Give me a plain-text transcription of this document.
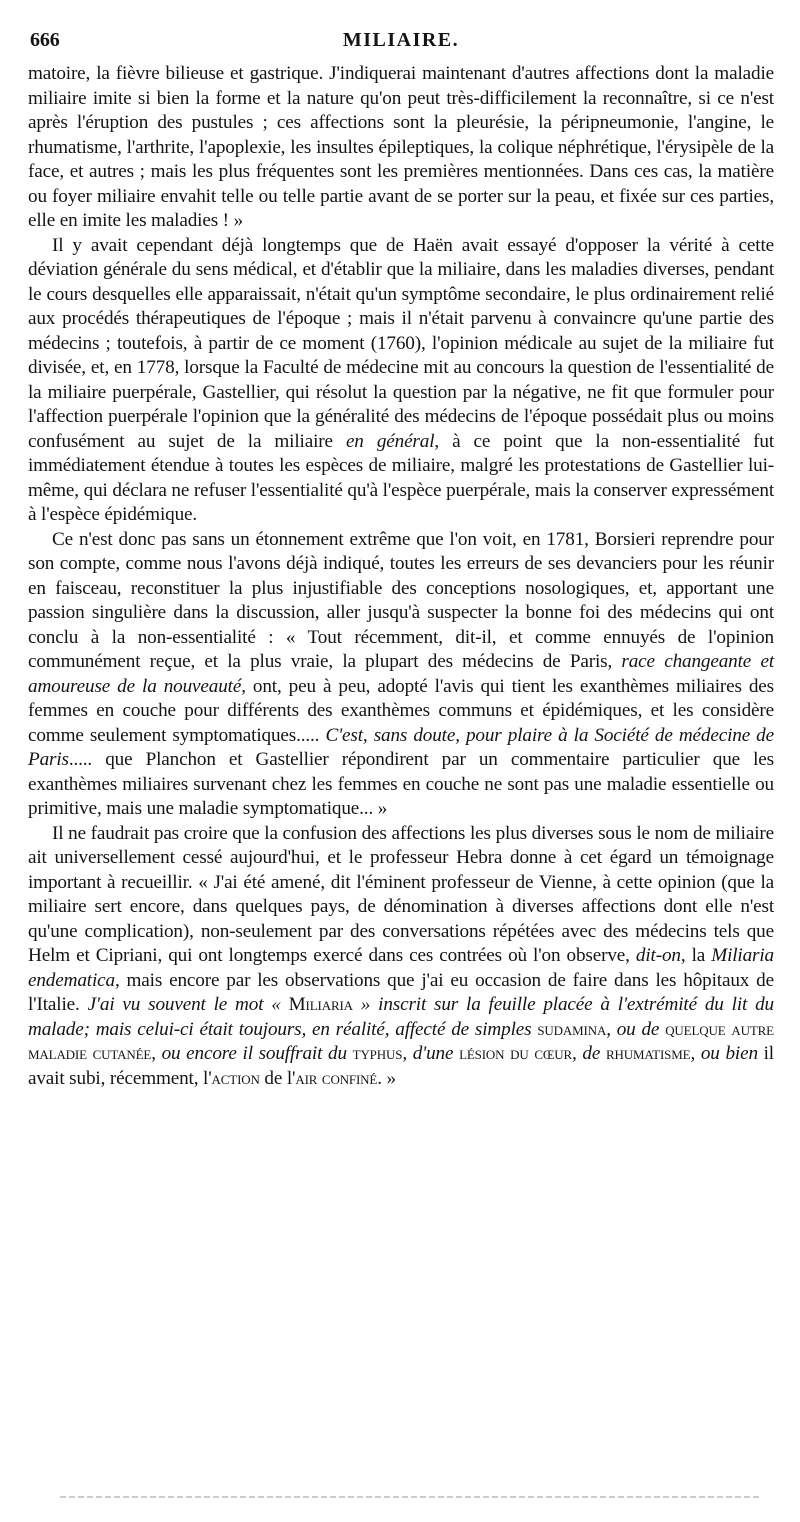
666	MILIAIRE.

matoire, la fièvre bilieuse et gastrique. J'indiquerai maintenant d'autres affections dont la maladie miliaire imite si bien la forme et la nature qu'on peut très-difficilement la reconnaître, si ce n'est après l'éruption des pustules ; ces affections sont la pleurésie, la péripneumonie, l'angine, le rhumatisme, l'arthrite, l'apoplexie, les insultes épileptiques, la colique néphrétique, l'érysipèle de la face, et autres ; mais les plus fréquentes sont les premières mentionnées. Dans ces cas, la matière ou foyer miliaire envahit telle ou telle partie avant de se porter sur la peau, et fixée sur ces parties, elle en imite les maladies ! »

Il y avait cependant déjà longtemps que de Haën avait essayé d'opposer la vérité à cette déviation générale du sens médical, et d'établir que la miliaire, dans les maladies diverses, pendant le cours desquelles elle apparaissait, n'était qu'un symptôme secondaire, le plus ordinairement relié aux procédés thérapeutiques de l'époque ; mais il n'était parvenu à convaincre qu'une partie des médecins ; toutefois, à partir de ce moment (1760), l'opinion médicale au sujet de la miliaire fut divisée, et, en 1778, lorsque la Faculté de médecine mit au concours la question de l'essentialité de la miliaire puerpérale, Gastellier, qui résolut la question par la négative, ne fit que formuler pour l'affection puerpérale l'opinion que la généralité des médecins de l'époque possédait plus ou moins confusément au sujet de la miliaire en général, à ce point que la non-essentialité fut immédiatement étendue à toutes les espèces de miliaire, malgré les protestations de Gastellier lui-même, qui déclara ne refuser l'essentialité qu'à l'espèce puerpérale, mais la conserver expressément à l'espèce épidémique.

Ce n'est donc pas sans un étonnement extrême que l'on voit, en 1781, Borsieri reprendre pour son compte, comme nous l'avons déjà indiqué, toutes les erreurs de ses devanciers pour les réunir en faisceau, reconstituer la plus injustifiable des conceptions nosologiques, et, apportant une passion singulière dans la discussion, aller jusqu'à suspecter la bonne foi des médecins qui ont conclu à la non-essentialité : « Tout récemment, dit-il, et comme ennuyés de l'opinion communément reçue, et la plus vraie, la plupart des médecins de Paris, race changeante et amoureuse de la nouveauté, ont, peu à peu, adopté l'avis qui tient les exanthèmes miliaires des femmes en couche pour différents des exanthèmes communs et épidémiques, et les considère comme seulement symptomatiques..... C'est, sans doute, pour plaire à la Société de médecine de Paris..... que Planchon et Gastellier répondirent par un commentaire particulier que les exanthèmes miliaires survenant chez les femmes en couche ne sont pas une maladie essentielle ou primitive, mais une maladie symptomatique... »

Il ne faudrait pas croire que la confusion des affections les plus diverses sous le nom de miliaire ait universellement cessé aujourd'hui, et le professeur Hebra donne à cet égard un témoignage important à recueillir. « J'ai été amené, dit l'éminent professeur de Vienne, à cette opinion (que la miliaire sert encore, dans quelques pays, de dénomination à diverses affections dont elle n'est qu'une complication), non-seulement par des conversations répétées avec des médecins tels que Helm et Cipriani, qui ont longtemps exercé dans ces contrées où l'on observe, dit-on, la Miliaria endematica, mais encore par les observations que j'ai eu occasion de faire dans les hôpitaux de l'Italie. J'ai vu souvent le mot « Miliaria » inscrit sur la feuille placée à l'extrémité du lit du malade; mais celui-ci était toujours, en réalité, affecté de simples sudamina, ou de quelque autre maladie cutanée, ou encore il souffrait du typhus, d'une lésion du cœur, de rhumatisme, ou bien il avait subi, récemment, l'action de l'air confiné. »
